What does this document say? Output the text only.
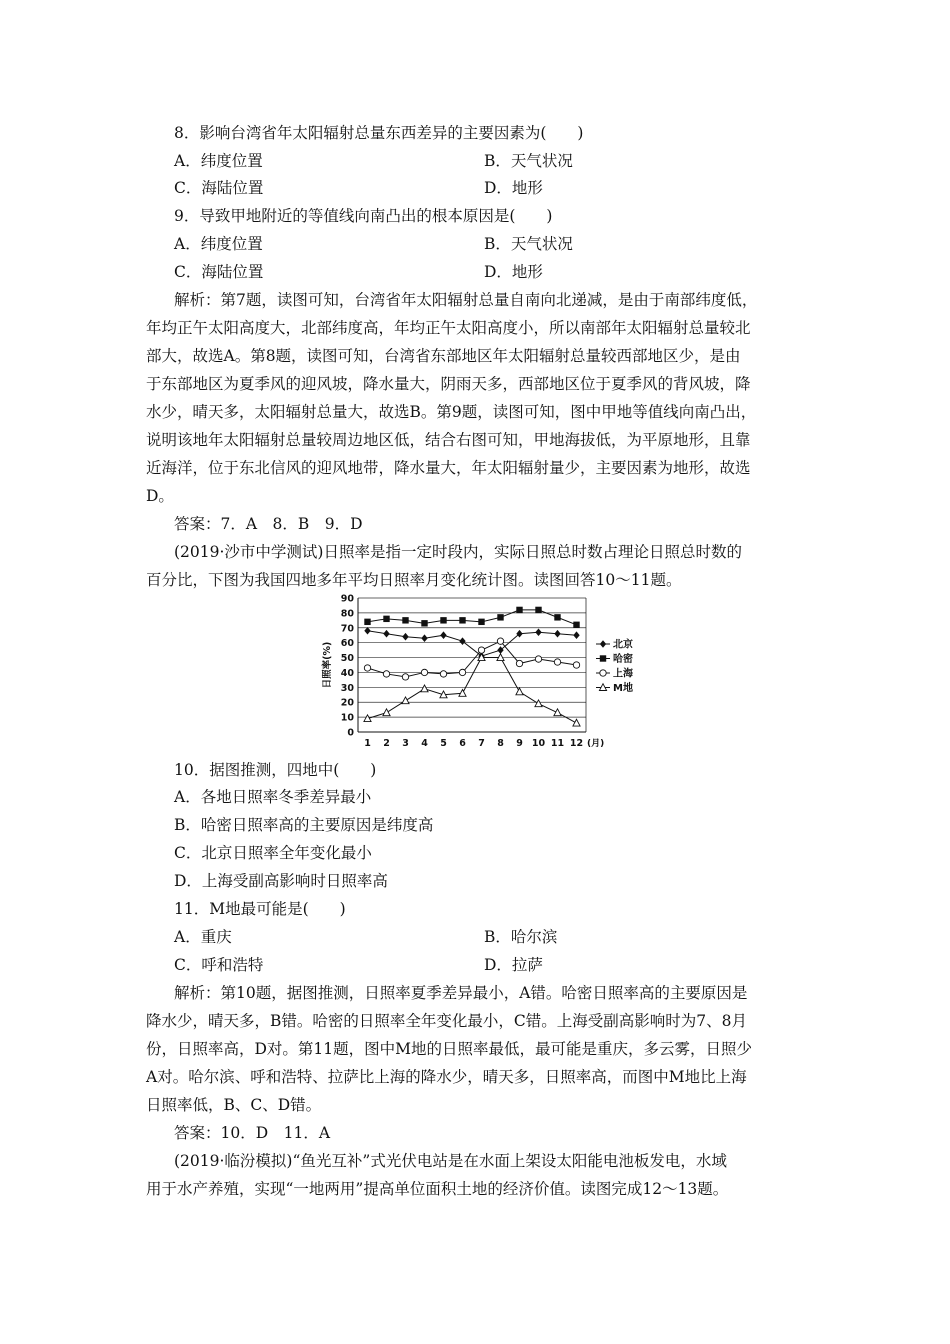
8．影响台湾省年太阳辐射总量东西差异的主要因素为(　　)
A．纬度位置	B．天气状况
C．海陆位置	D．地形
9．导致甲地附近的等值线向南凸出的根本原因是(　　)
A．纬度位置	B．天气状况
C．海陆位置	D．地形
解析：第7题，读图可知，台湾省年太阳辐射总量自南向北递减，是由于南部纬度低，
年均正午太阳高度大，北部纬度高，年均正午太阳高度小，所以南部年太阳辐射总量较北
部大，故选A。第8题，读图可知，台湾省东部地区年太阳辐射总量较西部地区少，是由
于东部地区为夏季风的迎风坡，降水量大，阴雨天多，西部地区位于夏季风的背风坡，降
水少，晴天多，太阳辐射总量大，故选B。第9题，读图可知，图中甲地等值线向南凸出，
说明该地年太阳辐射总量较周边地区低，结合右图可知，甲地海拔低，为平原地形，且靠
近海洋，位于东北信风的迎风地带，降水量大，年太阳辐射量少，主要因素为地形，故选
D。
答案：7．A　8．B　9．D
(2019·沙市中学测试)日照率是指一定时段内，实际日照总时数占理论日照总时数的
百分比，下图为我国四地多年平均日照率月变化统计图。读图回答10～11题。
0
10
20
30
40
50
60
70
80
90
1 2 3 4 5 6 7 8 9 10 11 12 (月)
日照率(%)	北京
哈密
上海
M地
10．据图推测，四地中(　　)
A．各地日照率冬季差异最小
B．哈密日照率高的主要原因是纬度高
C．北京日照率全年变化最小
D．上海受副高影响时日照率高
11．M地最可能是(　　)
A．重庆	B．哈尔滨
C．呼和浩特	D．拉萨
解析：第10题，据图推测，日照率夏季差异最小，A错。哈密日照率高的主要原因是
降水少，晴天多，B错。哈密的日照率全年变化最小，C错。上海受副高影响时为7、8月
份，日照率高，D对。第11题，图中M地的日照率最低，最可能是重庆，多云雾，日照少
A对。哈尔滨、呼和浩特、拉萨比上海的降水少，晴天多，日照率高，而图中M地比上海
日照率低，B、C、D错。
答案：10．D　11．A
(2019·临汾模拟)“鱼光互补”式光伏电站是在水面上架设太阳能电池板发电，水域
用于水产养殖，实现“一地两用”提高单位面积土地的经济价值。读图完成12～13题。
